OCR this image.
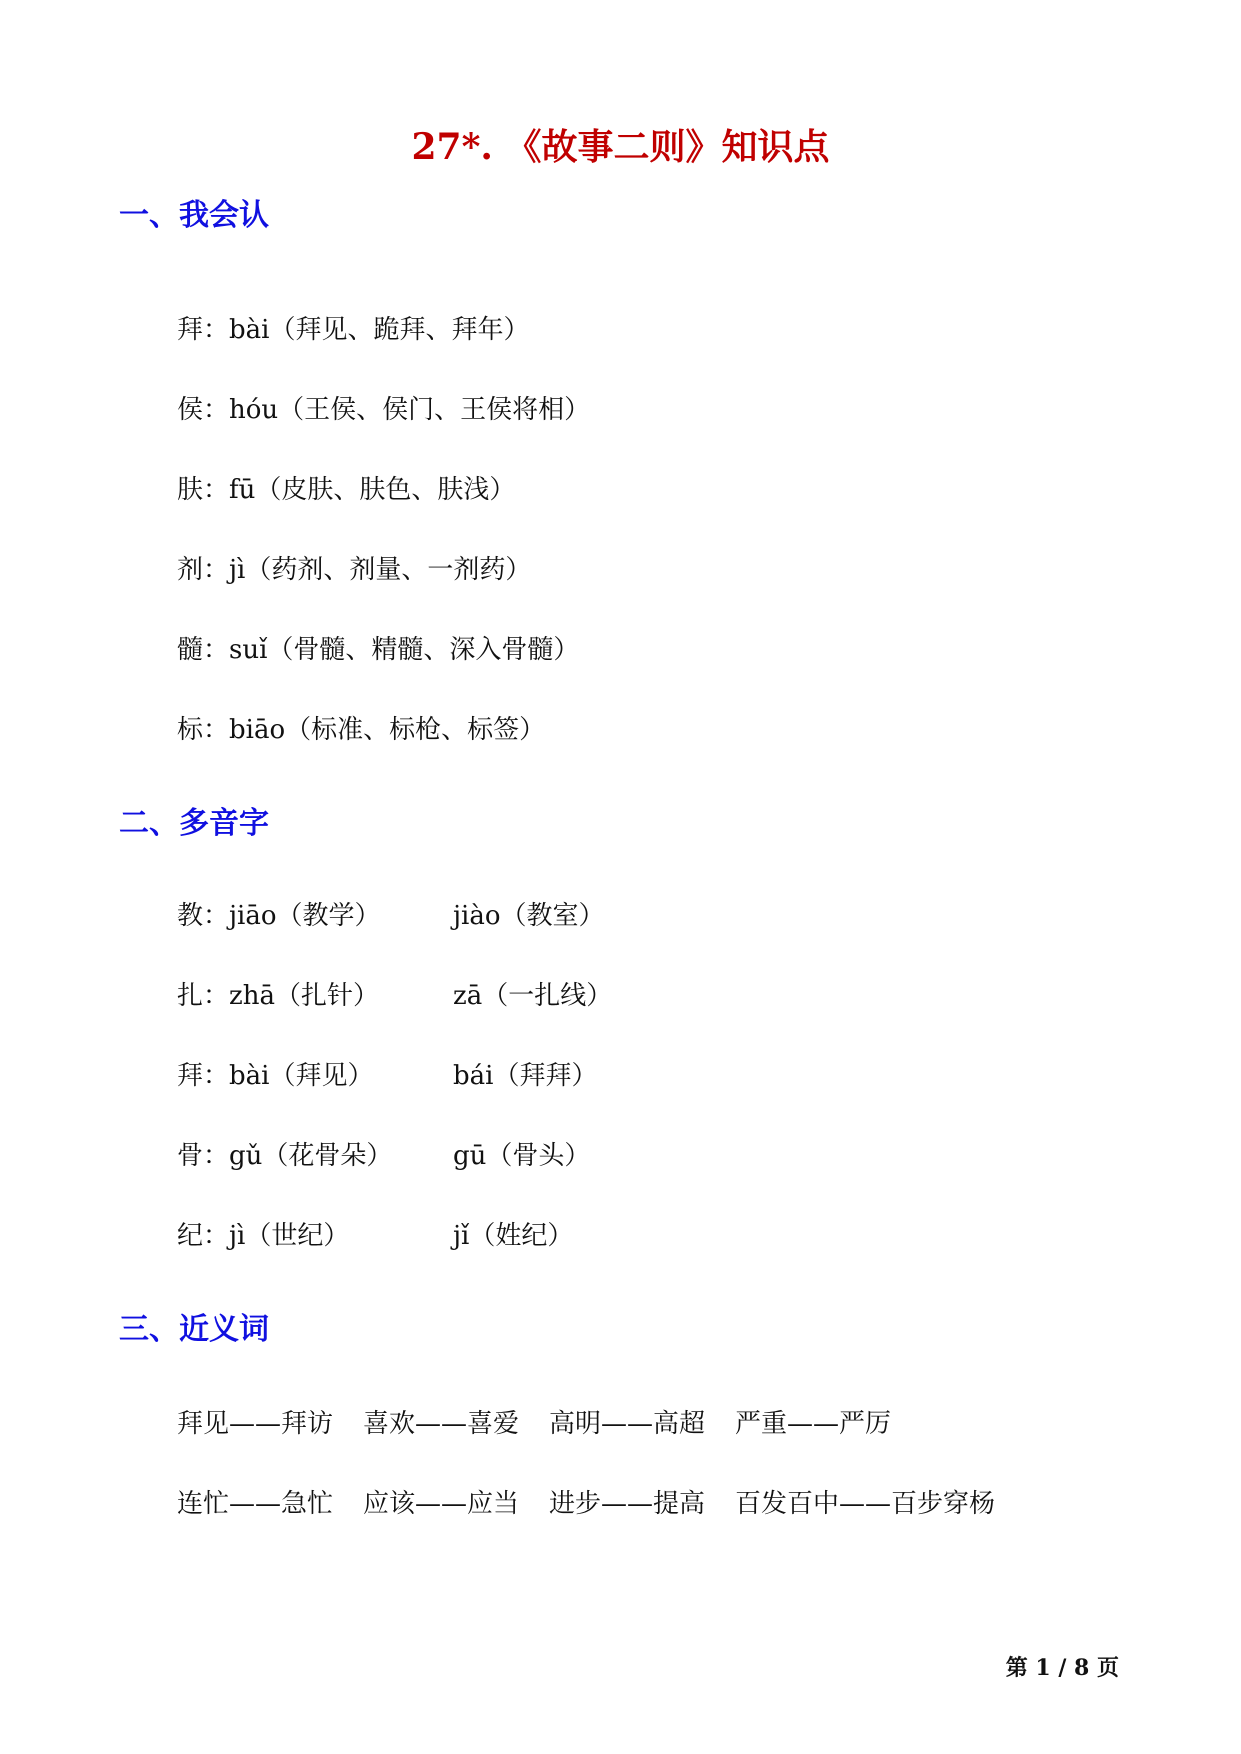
27*. 《故事二则》知识点
一、我会认
拜：bài（拜见、跪拜、拜年）
侯：hóu（王侯、侯门、王侯将相）
肤：fū（皮肤、肤色、肤浅）
剂：jì（药剂、剂量、一剂药）
髓：suǐ（骨髓、精髓、深入骨髓）
标：biāo（标准、标枪、标签）
二、多音字
教：jiāo（教学）	jiào（教室）
扎：zhā（扎针）	zā（一扎线）
拜：bài（拜见）	bái（拜拜）
骨：gǔ（花骨朵） gū（骨头）
纪：jì（世纪）	jǐ（姓纪）
三、近义词
拜见——拜访 喜欢——喜爱 高明——高超 严重——严厉
连忙——急忙 应该——应当 进步——提高 百发百中——百步穿杨
第 1 / 8 页
